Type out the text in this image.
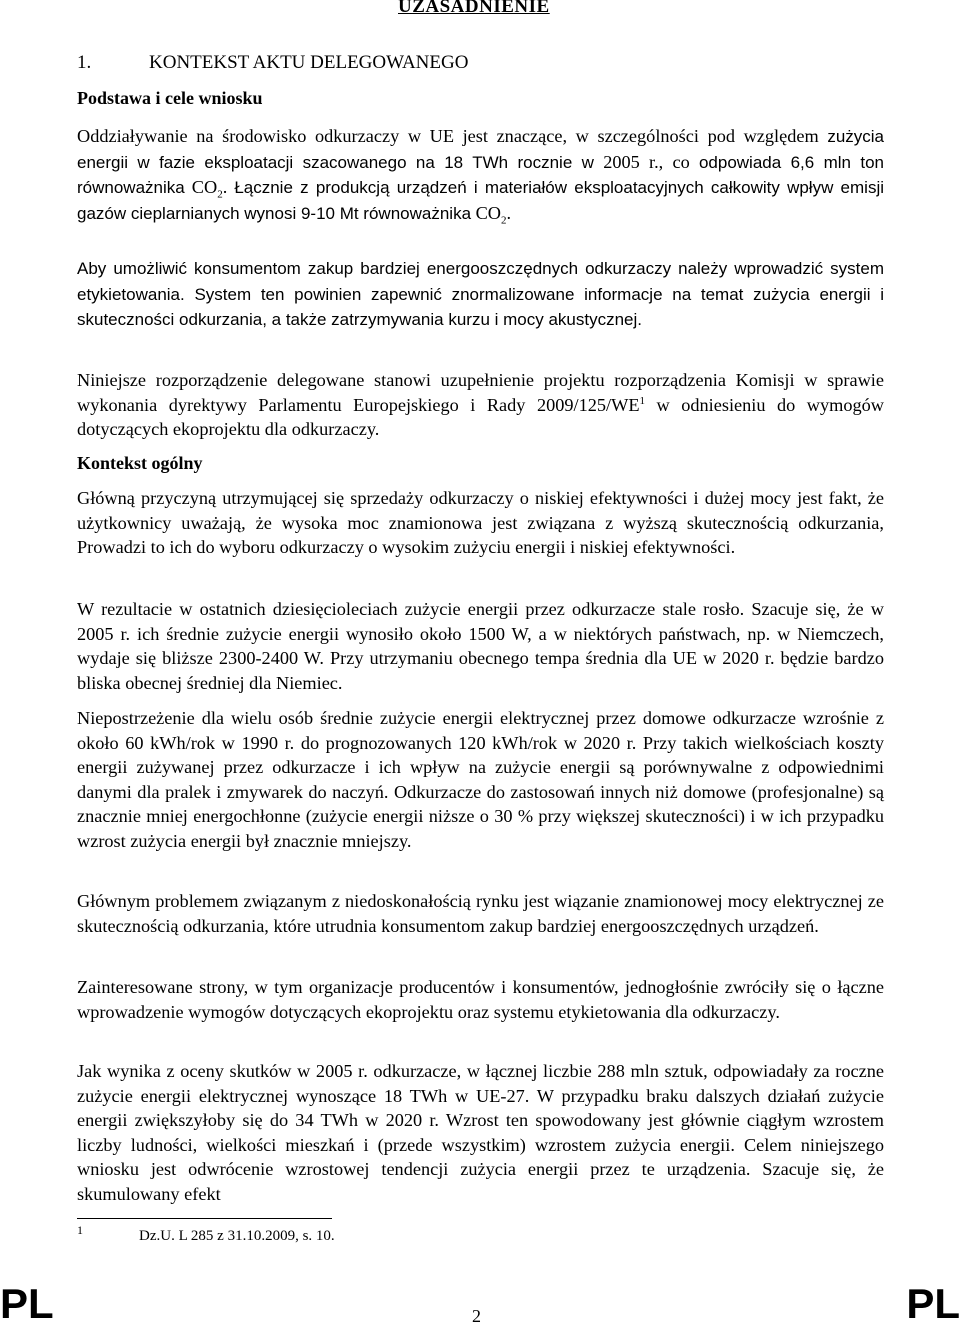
UZASADNIENIE
1.	KONTEKST AKTU DELEGOWANEGO
Podstawa i cele wniosku

Oddziaływanie na środowisko odkurzaczy w UE jest znaczące, w szczególności pod względem zużycia energii w fazie eksploatacji szacowanego na 18 TWh rocznie w 2005 r., co odpowiada 6,6 mln ton równoważnika $CO_2$. Łącznie z produkcją urządzeń i materiałów eksploatacyjnych całkowity wpływ emisji gazów cieplarnianych wynosi 9-10 Mt równoważnika $CO_2$.

Aby umożliwić konsumentom zakup bardziej energooszczędnych odkurzaczy należy wprowadzić system etykietowania. System ten powinien zapewnić znormalizowane informacje na temat zużycia energii i skuteczności odkurzania, a także zatrzymywania kurzu i mocy akustycznej.

Niniejsze rozporządzenie delegowane stanowi uzupełnienie projektu rozporządzenia Komisji w sprawie wykonania dyrektywy Parlamentu Europejskiego i Rady $2009/125/WE^1$ w odniesieniu do wymogów dotyczących ekoprojektu dla odkurzaczy.

Kontekst ogólny

Główną przyczyną utrzymującej się sprzedaży odkurzaczy o niskiej efektywności i dużej mocy jest fakt, że użytkownicy uważają, że wysoka moc znamionowa jest związana z wyższą skutecznością odkurzania, Prowadzi to ich do wyboru odkurzaczy o wysokim zużyciu energii i niskiej efektywności.

W rezultacie w ostatnich dziesięcioleciach zużycie energii przez odkurzacze stale rosło. Szacuje się, że w 2005 r. ich średnie zużycie energii wynosiło około 1500 W, a w niektórych państwach, np. w Niemczech, wydaje się bliższe 2300-2400 W. Przy utrzymaniu obecnego tempa średnia dla UE w 2020 r. będzie bardzo bliska obecnej średniej dla Niemiec.

Niepostrzeżenie dla wielu osób średnie zużycie energii elektrycznej przez domowe odkurzacze wzrośnie z około 60 kWh/rok w 1990 r. do prognozowanych 120 kWh/rok w 2020 r. Przy takich wielkościach koszty energii zużywanej przez odkurzacze i ich wpływ na zużycie energii są porównywalne z odpowiednimi danymi dla pralek i zmywarek do naczyń. Odkurzacze do zastosowań innych niż domowe (profesjonalne) są znacznie mniej energochłonne (zużycie energii niższe o 30 % przy większej skuteczności) i w ich przypadku wzrost zużycia energii był znacznie mniejszy.

Głównym problemem związanym z niedoskonałością rynku jest wiązanie znamionowej mocy elektrycznej ze skutecznością odkurzania, które utrudnia konsumentom zakup bardziej energooszczędnych urządzeń.

Zainteresowane strony, w tym organizacje producentów i konsumentów, jednogłośnie zwróciły się o łączne wprowadzenie wymogów dotyczących ekoprojektu oraz systemu etykietowania dla odkurzaczy.

Jak wynika z oceny skutków w 2005 r. odkurzacze, w łącznej liczbie 288 mln sztuk, odpowiadały za roczne zużycie energii elektrycznej wynoszące 18 TWh w UE-27. W przypadku braku dalszych działań zużycie energii zwiększyłoby się do 34 TWh w 2020 r. Wzrost ten spowodowany jest głównie ciągłym wzrostem liczby ludności, wielkości mieszkań i (przede wszystkim) wzrostem zużycia energii. Celem niniejszego wniosku jest odwrócenie wzrostowej tendencji zużycia energii przez te urządzenia. Szacuje się, że skumulowany efekt

1	Dz.U. L 285 z 31.10.2009, s. 10.
PL	2	PL
